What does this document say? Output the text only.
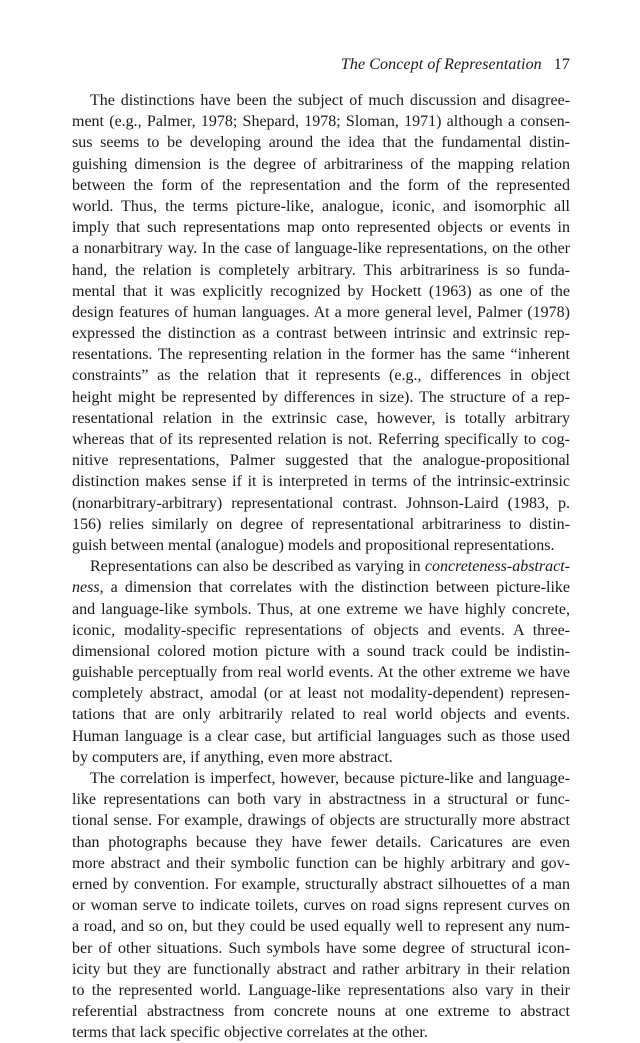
The Concept of Representation 17
The distinctions have been the subject of much discussion and disagree-
ment (e.g., Palmer, 1978; Shepard, 1978; Sloman, 1971) although a consen-
sus seems to be developing around the idea that the fundamental distin-
guishing dimension is the degree of arbitrariness of the mapping relation
between the form of the representation and the form of the represented
world. Thus, the terms picture-like, analogue, iconic, and isomorphic all
imply that such representations map onto represented objects or events in
a nonarbitrary way. In the case of language-like representations, on the other
hand, the relation is completely arbitrary. This arbitrariness is so funda-
mental that it was explicitly recognized by Hockett (1963) as one of the
design features of human languages. At a more general level, Palmer (1978)
expressed the distinction as a contrast between intrinsic and extrinsic rep-
resentations. The representing relation in the former has the same “inherent
constraints” as the relation that it represents (e.g., differences in object
height might be represented by differences in size). The structure of a rep-
resentational relation in the extrinsic case, however, is totally arbitrary
whereas that of its represented relation is not. Referring specifically to cog-
nitive representations, Palmer suggested that the analogue-propositional
distinction makes sense if it is interpreted in terms of the intrinsic-extrinsic
(nonarbitrary-arbitrary) representational contrast. Johnson-Laird (1983, p.
156) relies similarly on degree of representational arbitrariness to distin-
guish between mental (analogue) models and propositional representations.
Representations can also be described as varying in concreteness-abstract-
ness, a dimension that correlates with the distinction between picture-like
and language-like symbols. Thus, at one extreme we have highly concrete,
iconic, modality-specific representations of objects and events. A three-
dimensional colored motion picture with a sound track could be indistin-
guishable perceptually from real world events. At the other extreme we have
completely abstract, amodal (or at least not modality-dependent) represen-
tations that are only arbitrarily related to real world objects and events.
Human language is a clear case, but artificial languages such as those used
by computers are, if anything, even more abstract.
The correlation is imperfect, however, because picture-like and language-
like representations can both vary in abstractness in a structural or func-
tional sense. For example, drawings of objects are structurally more abstract
than photographs because they have fewer details. Caricatures are even
more abstract and their symbolic function can be highly arbitrary and gov-
erned by convention. For example, structurally abstract silhouettes of a man
or woman serve to indicate toilets, curves on road signs represent curves on
a road, and so on, but they could be used equally well to represent any num-
ber of other situations. Such symbols have some degree of structural icon-
icity but they are functionally abstract and rather arbitrary in their relation
to the represented world. Language-like representations also vary in their
referential abstractness from concrete nouns at one extreme to abstract
terms that lack specific objective correlates at the other.
